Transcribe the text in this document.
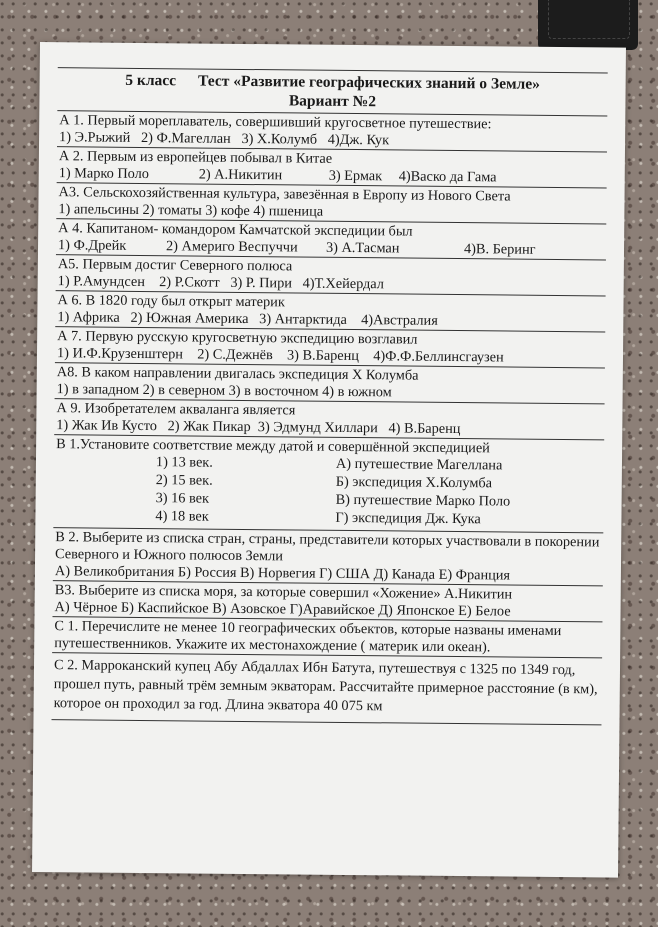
5 класс Тест «Развитие географических знаний о Земле»
Вариант №2
А 1. Первый мореплаватель, совершивший кругосветное путешествие:
1) Э.Рыжий 2) Ф.Магеллан 3) Х.Колумб 4)Дж. Кук
А 2. Первым из европейцев побывал в Китае
1) Марко Поло	2) А.Никитин	3) Ермак 4)Васко да Гама
А3. Сельскохозяйственная культура, завезённая в Европу из Нового Света
1) апельсины 2) томаты 3) кофе 4) пшеница
А 4. Капитаном- командором Камчатской экспедиции был
1) Ф.Дрейк	2) Америго Веспуччи 3) А.Тасман	4)В. Беринг
А5. Первым достиг Северного полюса
1) Р.Амундсен 2) Р.Скотт 3) Р. Пири 4)Т.Хейердал
А 6. В 1820 году был открыт материк
1) Африка 2) Южная Америка 3) Антарктида 4)Австралия
А 7. Первую русскую кругосветную экспедицию возглавил
1) И.Ф.Крузенштерн 2) С.Дежнёв 3) В.Баренц 4)Ф.Ф.Беллинсгаузен
А8. В каком направлении двигалась экспедиция Х Колумба
1) в западном 2) в северном 3) в восточном 4) в южном
А 9. Изобретателем акваланга является
1) Жак Ив Кусто 2) Жак Пикар 3) Эдмунд Хиллари 4) В.Баренц
В 1.Установите соответствие между датой и совершённой экспедицией
1) 13 век.	А) путешествие Магеллана
2) 15 век.	Б) экспедиция Х.Колумба
3) 16 век	В) путешествие Марко Поло
4) 18 век	Г) экспедиция Дж. Кука
В 2. Выберите из списка стран, страны, представители которых участвовали в покорении Северного и Южного полюсов Земли
А) Великобритания Б) Россия В) Норвегия Г) США Д) Канада Е) Франция
В3. Выберите из списка моря, за которые совершил «Хожение» А.Никитин
А) Чёрное Б) Каспийское В) Азовское Г)Аравийское Д) Японское Е) Белое
С 1. Перечислите не менее 10 географических объектов, которые названы именами путешественников. Укажите их местонахождение ( материк или океан).
С 2. Марроканский купец Абу Абдаллах Ибн Батута, путешествуя с 1325 по 1349 год, прошел путь, равный трём земным экваторам. Рассчитайте примерное расстояние (в км), которое он проходил за год. Длина экватора 40 075 км
